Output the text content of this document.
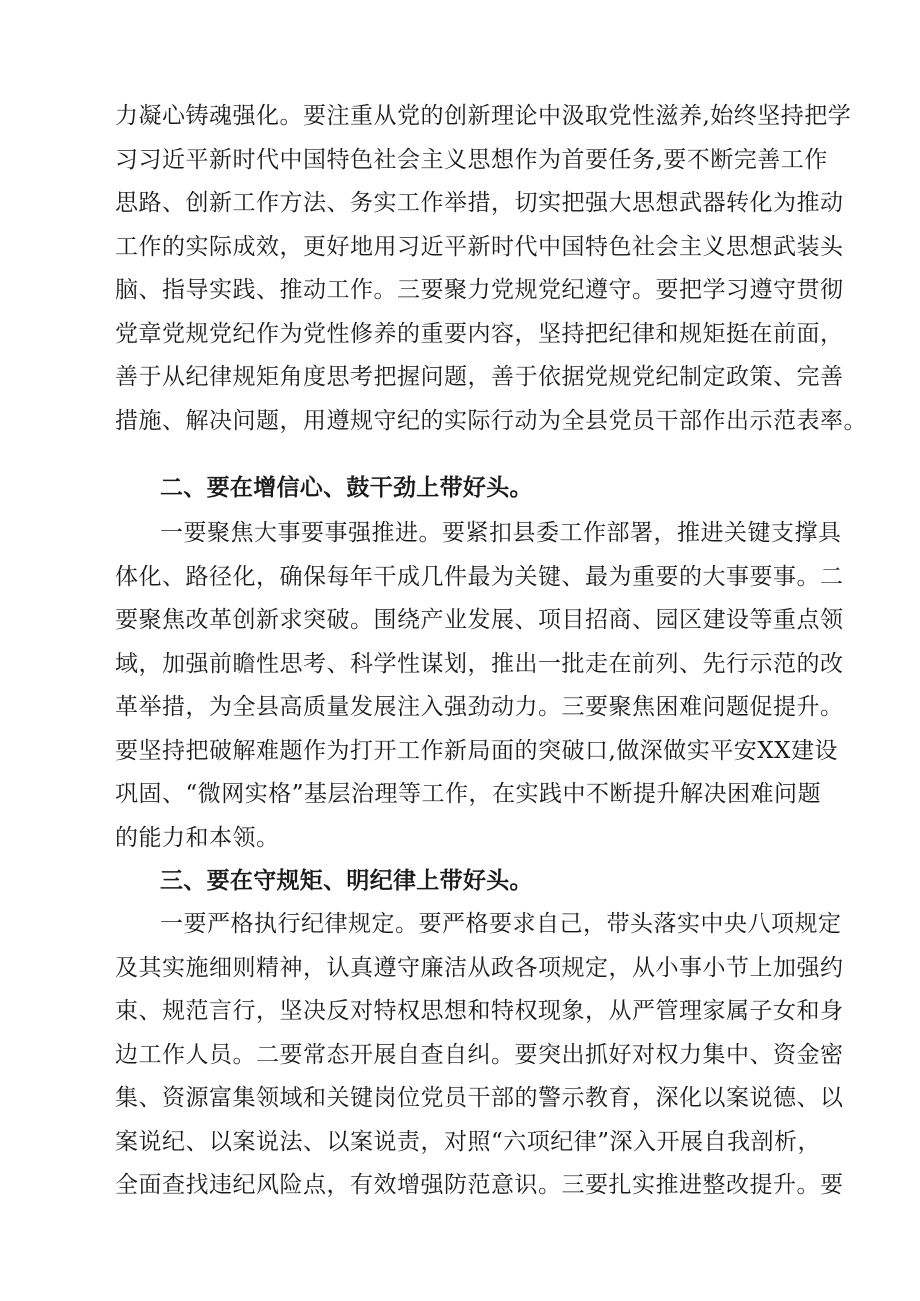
力凝心铸魂强化。要注重从党的创新理论中汲取党性滋养,始终坚持把学
习习近平新时代中国特色社会主义思想作为首要任务,要不断完善工作
思路、创新工作方法、务实工作举措，切实把强大思想武器转化为推动
工作的实际成效，更好地用习近平新时代中国特色社会主义思想武装头
脑、指导实践、推动工作。三要聚力党规党纪遵守。要把学习遵守贯彻
党章党规党纪作为党性修养的重要内容，坚持把纪律和规矩挺在前面，
善于从纪律规矩角度思考把握问题，善于依据党规党纪制定政策、完善
措施、解决问题，用遵规守纪的实际行动为全县党员干部作出示范表率。
二、要在增信心、鼓干劲上带好头。
一要聚焦大事要事强推进。要紧扣县委工作部署，推进关键支撑具
体化、路径化，确保每年干成几件最为关键、最为重要的大事要事。二
要聚焦改革创新求突破。围绕产业发展、项目招商、园区建设等重点领
域，加强前瞻性思考、科学性谋划，推出一批走在前列、先行示范的改
革举措，为全县高质量发展注入强劲动力。三要聚焦困难问题促提升。
要坚持把破解难题作为打开工作新局面的突破口,做深做实平安XX建设
巩固、“微网实格”基层治理等工作，在实践中不断提升解决困难问题
的能力和本领。
三、要在守规矩、明纪律上带好头。
一要严格执行纪律规定。要严格要求自己，带头落实中央八项规定
及其实施细则精神，认真遵守廉洁从政各项规定，从小事小节上加强约
束、规范言行，坚决反对特权思想和特权现象，从严管理家属子女和身
边工作人员。二要常态开展自查自纠。要突出抓好对权力集中、资金密
集、资源富集领域和关键岗位党员干部的警示教育，深化以案说德、以
案说纪、以案说法、以案说责，对照“六项纪律”深入开展自我剖析，
全面查找违纪风险点，有效增强防范意识。三要扎实推进整改提升。要
